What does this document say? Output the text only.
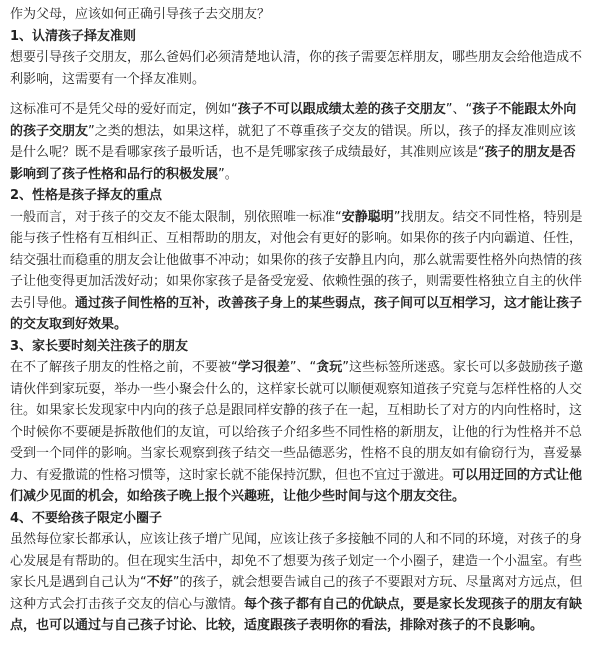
作为父母，应该如何正确引导孩子去交朋友？
1、认清孩子择友准则

想要引导孩子交朋友，那么爸妈们必须清楚地认清，你的孩子需要怎样朋友，哪些朋友会给他造成不利影响，这需要有一个择友准则。

这标准可不是凭父母的爱好而定，例如“孩子不可以跟成绩太差的孩子交朋友”、“孩子不能跟太外向的孩子交朋友”之类的想法，如果这样，就犯了不尊重孩子交友的错误。所以，孩子的择友准则应该是什么呢？既不是看哪家孩子最听话，也不是凭哪家孩子成绩最好，其准则应该是“孩子的朋友是否影响到了孩子性格和品行的积极发展”。

2、性格是孩子择友的重点

一般而言，对于孩子的交友不能太限制，别依照唯一标准“安静聪明”找朋友。结交不同性格，特别是能与孩子性格有互相纠正、互相帮助的朋友，对他会有更好的影响。如果你的孩子内向霸道、任性，结交强壮而稳重的朋友会让他做事不冲动；如果你的孩子安静且内向，那么就需要性格外向热情的孩子让他变得更加活泼好动；如果你家孩子是备受宠爱、依赖性强的孩子，则需要性格独立自主的伙伴去引导他。通过孩子间性格的互补，改善孩子身上的某些弱点，孩子间可以互相学习，这才能让孩子的交友取到好效果。

3、家长要时刻关注孩子的朋友

在不了解孩子朋友的性格之前，不要被“学习很差”、“贪玩”这些标签所迷惑。家长可以多鼓励孩子邀请伙伴到家玩耍，举办一些小聚会什么的，这样家长就可以顺便观察知道孩子究竟与怎样性格的人交往。如果家长发现家中内向的孩子总是跟同样安静的孩子在一起，互相助长了对方的内向性格时，这个时候你不要硬是拆散他们的友谊，可以给孩子介绍多些不同性格的新朋友，让他的行为性格并不总受到一个同伴的影响。当家长观察到孩子结交一些品德恶劣，性格不良的朋友如有偷窃行为，喜爱暴力、有爱撒谎的性格习惯等，这时家长就不能保持沉默，但也不宜过于激进。可以用迂回的方式让他们减少见面的机会，如给孩子晚上报个兴趣班，让他少些时间与这个朋友交往。

4、不要给孩子限定小圈子

虽然每位家长都承认，应该让孩子增广见闻，应该让孩子多接触不同的人和不同的环境，对孩子的身心发展是有帮助的。但在现实生活中，却免不了想要为孩子划定一个小圈子，建造一个小温室。有些家长凡是遇到自己认为“不好”的孩子，就会想要告诫自己的孩子不要跟对方玩、尽量离对方远点，但这种方式会打击孩子交友的信心与激情。每个孩子都有自己的优缺点，要是家长发现孩子的朋友有缺点，也可以通过与自己孩子讨论、比较，适度跟孩子表明你的看法，排除对孩子的不良影响。
